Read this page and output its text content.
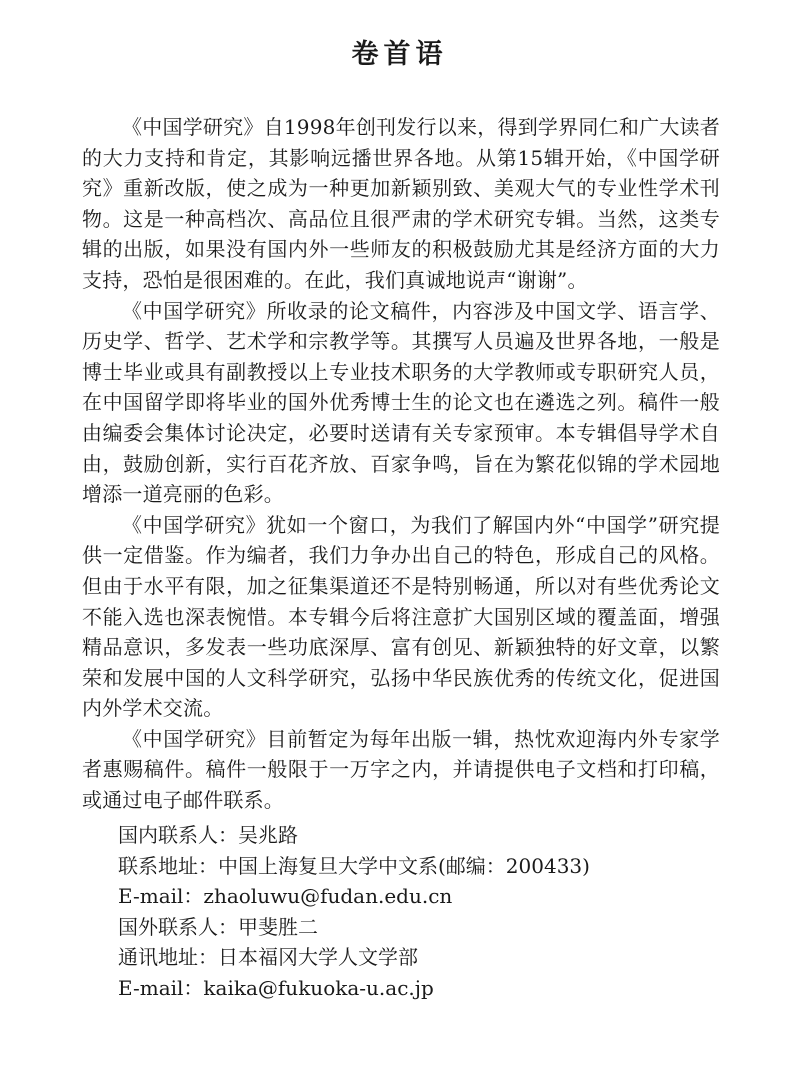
卷首语

《中国学研究》自1998年创刊发行以来，得到学界同仁和广大读者的大力支持和肯定，其影响远播世界各地。从第15辑开始，《中国学研究》重新改版，使之成为一种更加新颖别致、美观大气的专业性学术刊物。这是一种高档次、高品位且很严肃的学术研究专辑。当然，这类专辑的出版，如果没有国内外一些师友的积极鼓励尤其是经济方面的大力支持，恐怕是很困难的。在此，我们真诚地说声“谢谢”。

《中国学研究》所收录的论文稿件，内容涉及中国文学、语言学、历史学、哲学、艺术学和宗教学等。其撰写人员遍及世界各地，一般是博士毕业或具有副教授以上专业技术职务的大学教师或专职研究人员，在中国留学即将毕业的国外优秀博士生的论文也在遴选之列。稿件一般由编委会集体讨论决定，必要时送请有关专家预审。本专辑倡导学术自由，鼓励创新，实行百花齐放、百家争鸣，旨在为繁花似锦的学术园地增添一道亮丽的色彩。

《中国学研究》犹如一个窗口，为我们了解国内外“中国学”研究提供一定借鉴。作为编者，我们力争办出自己的特色，形成自己的风格。但由于水平有限，加之征集渠道还不是特别畅通，所以对有些优秀论文不能入选也深表惋惜。本专辑今后将注意扩大国别区域的覆盖面，增强精品意识，多发表一些功底深厚、富有创见、新颖独特的好文章，以繁荣和发展中国的人文科学研究，弘扬中华民族优秀的传统文化，促进国内外学术交流。

《中国学研究》目前暂定为每年出版一辑，热忱欢迎海内外专家学者惠赐稿件。稿件一般限于一万字之内，并请提供电子文档和打印稿，或通过电子邮件联系。

国内联系人：吴兆路
联系地址：中国上海复旦大学中文系(邮编：200433)
E-mail：zhaoluwu@fudan.edu.cn
国外联系人：甲斐胜二
通讯地址：日本福冈大学人文学部
E-mail：kaika@fukuoka-u.ac.jp
